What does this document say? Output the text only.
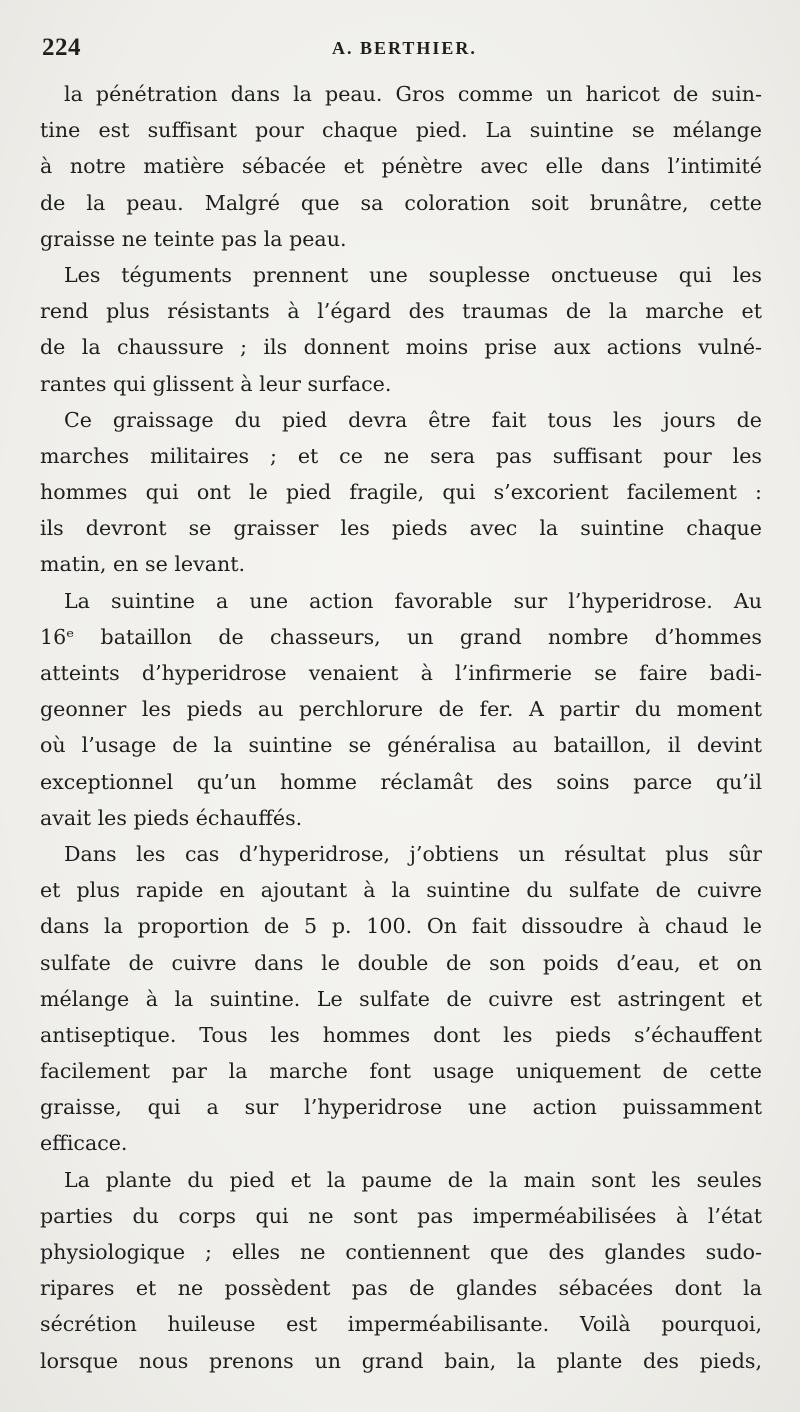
224	A. BERTHIER.
la pénétration dans la peau. Gros comme un haricot de suin-
tine est suffisant pour chaque pied. La suintine se mélange
à notre matière sébacée et pénètre avec elle dans l’intimité
de la peau. Malgré que sa coloration soit brunâtre, cette
graisse ne teinte pas la peau.
Les téguments prennent une souplesse onctueuse qui les
rend plus résistants à l’égard des traumas de la marche et
de la chaussure ; ils donnent moins prise aux actions vulné-
rantes qui glissent à leur surface.
Ce graissage du pied devra être fait tous les jours de
marches militaires ; et ce ne sera pas suffisant pour les
hommes qui ont le pied fragile, qui s’excorient facilement :
ils devront se graisser les pieds avec la suintine chaque
matin, en se levant.
La suintine a une action favorable sur l’hyperidrose. Au
16ᵉ bataillon de chasseurs, un grand nombre d’hommes
atteints d’hyperidrose venaient à l’infirmerie se faire badi-
geonner les pieds au perchlorure de fer. A partir du moment
où l’usage de la suintine se généralisa au bataillon, il devint
exceptionnel qu’un homme réclamât des soins parce qu’il
avait les pieds échauffés.
Dans les cas d’hyperidrose, j’obtiens un résultat plus sûr
et plus rapide en ajoutant à la suintine du sulfate de cuivre
dans la proportion de 5 p. 100. On fait dissoudre à chaud le
sulfate de cuivre dans le double de son poids d’eau, et on
mélange à la suintine. Le sulfate de cuivre est astringent et
antiseptique. Tous les hommes dont les pieds s’échauffent
facilement par la marche font usage uniquement de cette
graisse, qui a sur l’hyperidrose une action puissamment
efficace.
La plante du pied et la paume de la main sont les seules
parties du corps qui ne sont pas imperméabilisées à l’état
physiologique ; elles ne contiennent que des glandes sudo-
ripares et ne possèdent pas de glandes sébacées dont la
sécrétion huileuse est imperméabilisante. Voilà pourquoi,
lorsque nous prenons un grand bain, la plante des pieds,
